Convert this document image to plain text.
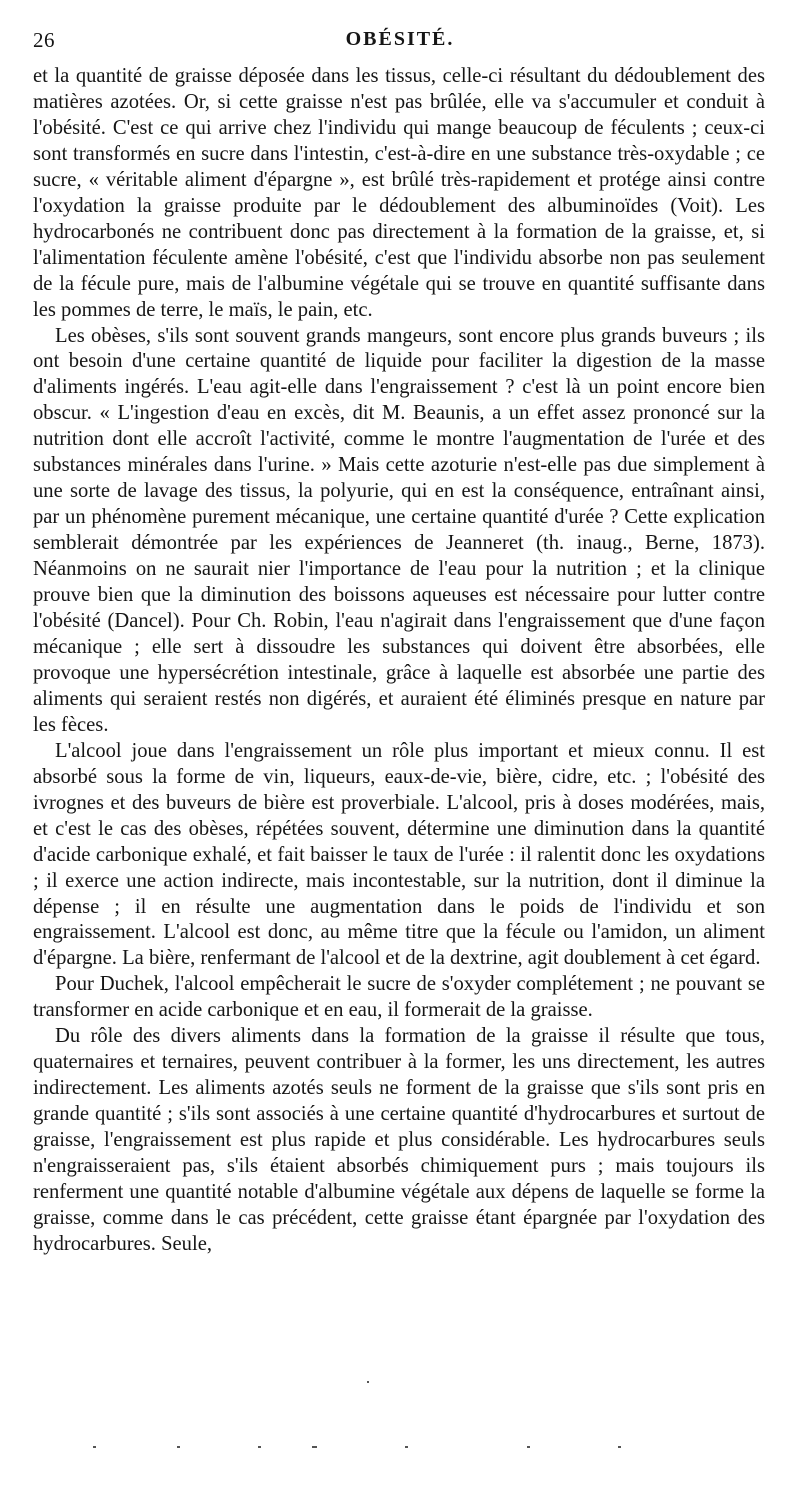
26	OBÉSITÉ.

et la quantité de graisse déposée dans les tissus, celle-ci résultant du dédoublement des matières azotées. Or, si cette graisse n'est pas brûlée, elle va s'accumuler et conduit à l'obésité. C'est ce qui arrive chez l'individu qui mange beaucoup de féculents ; ceux-ci sont transformés en sucre dans l'intestin, c'est-à-dire en une substance très-oxydable ; ce sucre, « véritable aliment d'épargne », est brûlé très-rapidement et protége ainsi contre l'oxydation la graisse produite par le dédoublement des albuminoïdes (Voit). Les hydrocarbonés ne contribuent donc pas directement à la formation de la graisse, et, si l'alimentation féculente amène l'obésité, c'est que l'individu absorbe non pas seulement de la fécule pure, mais de l'albumine végétale qui se trouve en quantité suffisante dans les pommes de terre, le maïs, le pain, etc.

Les obèses, s'ils sont souvent grands mangeurs, sont encore plus grands buveurs ; ils ont besoin d'une certaine quantité de liquide pour faciliter la digestion de la masse d'aliments ingérés. L'eau agit-elle dans l'engraissement ? c'est là un point encore bien obscur. « L'ingestion d'eau en excès, dit M. Beaunis, a un effet assez prononcé sur la nutrition dont elle accroît l'activité, comme le montre l'augmentation de l'urée et des substances minérales dans l'urine. » Mais cette azoturie n'est-elle pas due simplement à une sorte de lavage des tissus, la polyurie, qui en est la conséquence, entraînant ainsi, par un phénomène purement mécanique, une certaine quantité d'urée ? Cette explication semblerait démontrée par les expériences de Jeanneret (th. inaug., Berne, 1873). Néanmoins on ne saurait nier l'importance de l'eau pour la nutrition ; et la clinique prouve bien que la diminution des boissons aqueuses est nécessaire pour lutter contre l'obésité (Dancel). Pour Ch. Robin, l'eau n'agirait dans l'engraissement que d'une façon mécanique ; elle sert à dissoudre les substances qui doivent être absorbées, elle provoque une hypersécrétion intestinale, grâce à laquelle est absorbée une partie des aliments qui seraient restés non digérés, et auraient été éliminés presque en nature par les fèces.

L'alcool joue dans l'engraissement un rôle plus important et mieux connu. Il est absorbé sous la forme de vin, liqueurs, eaux-de-vie, bière, cidre, etc. ; l'obésité des ivrognes et des buveurs de bière est proverbiale. L'alcool, pris à doses modérées, mais, et c'est le cas des obèses, répétées souvent, détermine une diminution dans la quantité d'acide carbonique exhalé, et fait baisser le taux de l'urée : il ralentit donc les oxydations ; il exerce une action indirecte, mais incontestable, sur la nutrition, dont il diminue la dépense ; il en résulte une augmentation dans le poids de l'individu et son engraissement. L'alcool est donc, au même titre que la fécule ou l'amidon, un aliment d'épargne. La bière, renfermant de l'alcool et de la dextrine, agit doublement à cet égard.

Pour Duchek, l'alcool empêcherait le sucre de s'oxyder complétement ; ne pouvant se transformer en acide carbonique et en eau, il formerait de la graisse.

Du rôle des divers aliments dans la formation de la graisse il résulte que tous, quaternaires et ternaires, peuvent contribuer à la former, les uns directement, les autres indirectement. Les aliments azotés seuls ne forment de la graisse que s'ils sont pris en grande quantité ; s'ils sont associés à une certaine quantité d'hydrocarbures et surtout de graisse, l'engraissement est plus rapide et plus considérable. Les hydrocarbures seuls n'engraisseraient pas, s'ils étaient absorbés chimiquement purs ; mais toujours ils renferment une quantité notable d'albumine végétale aux dépens de laquelle se forme la graisse, comme dans le cas précédent, cette graisse étant épargnée par l'oxydation des hydrocarbures. Seule,
